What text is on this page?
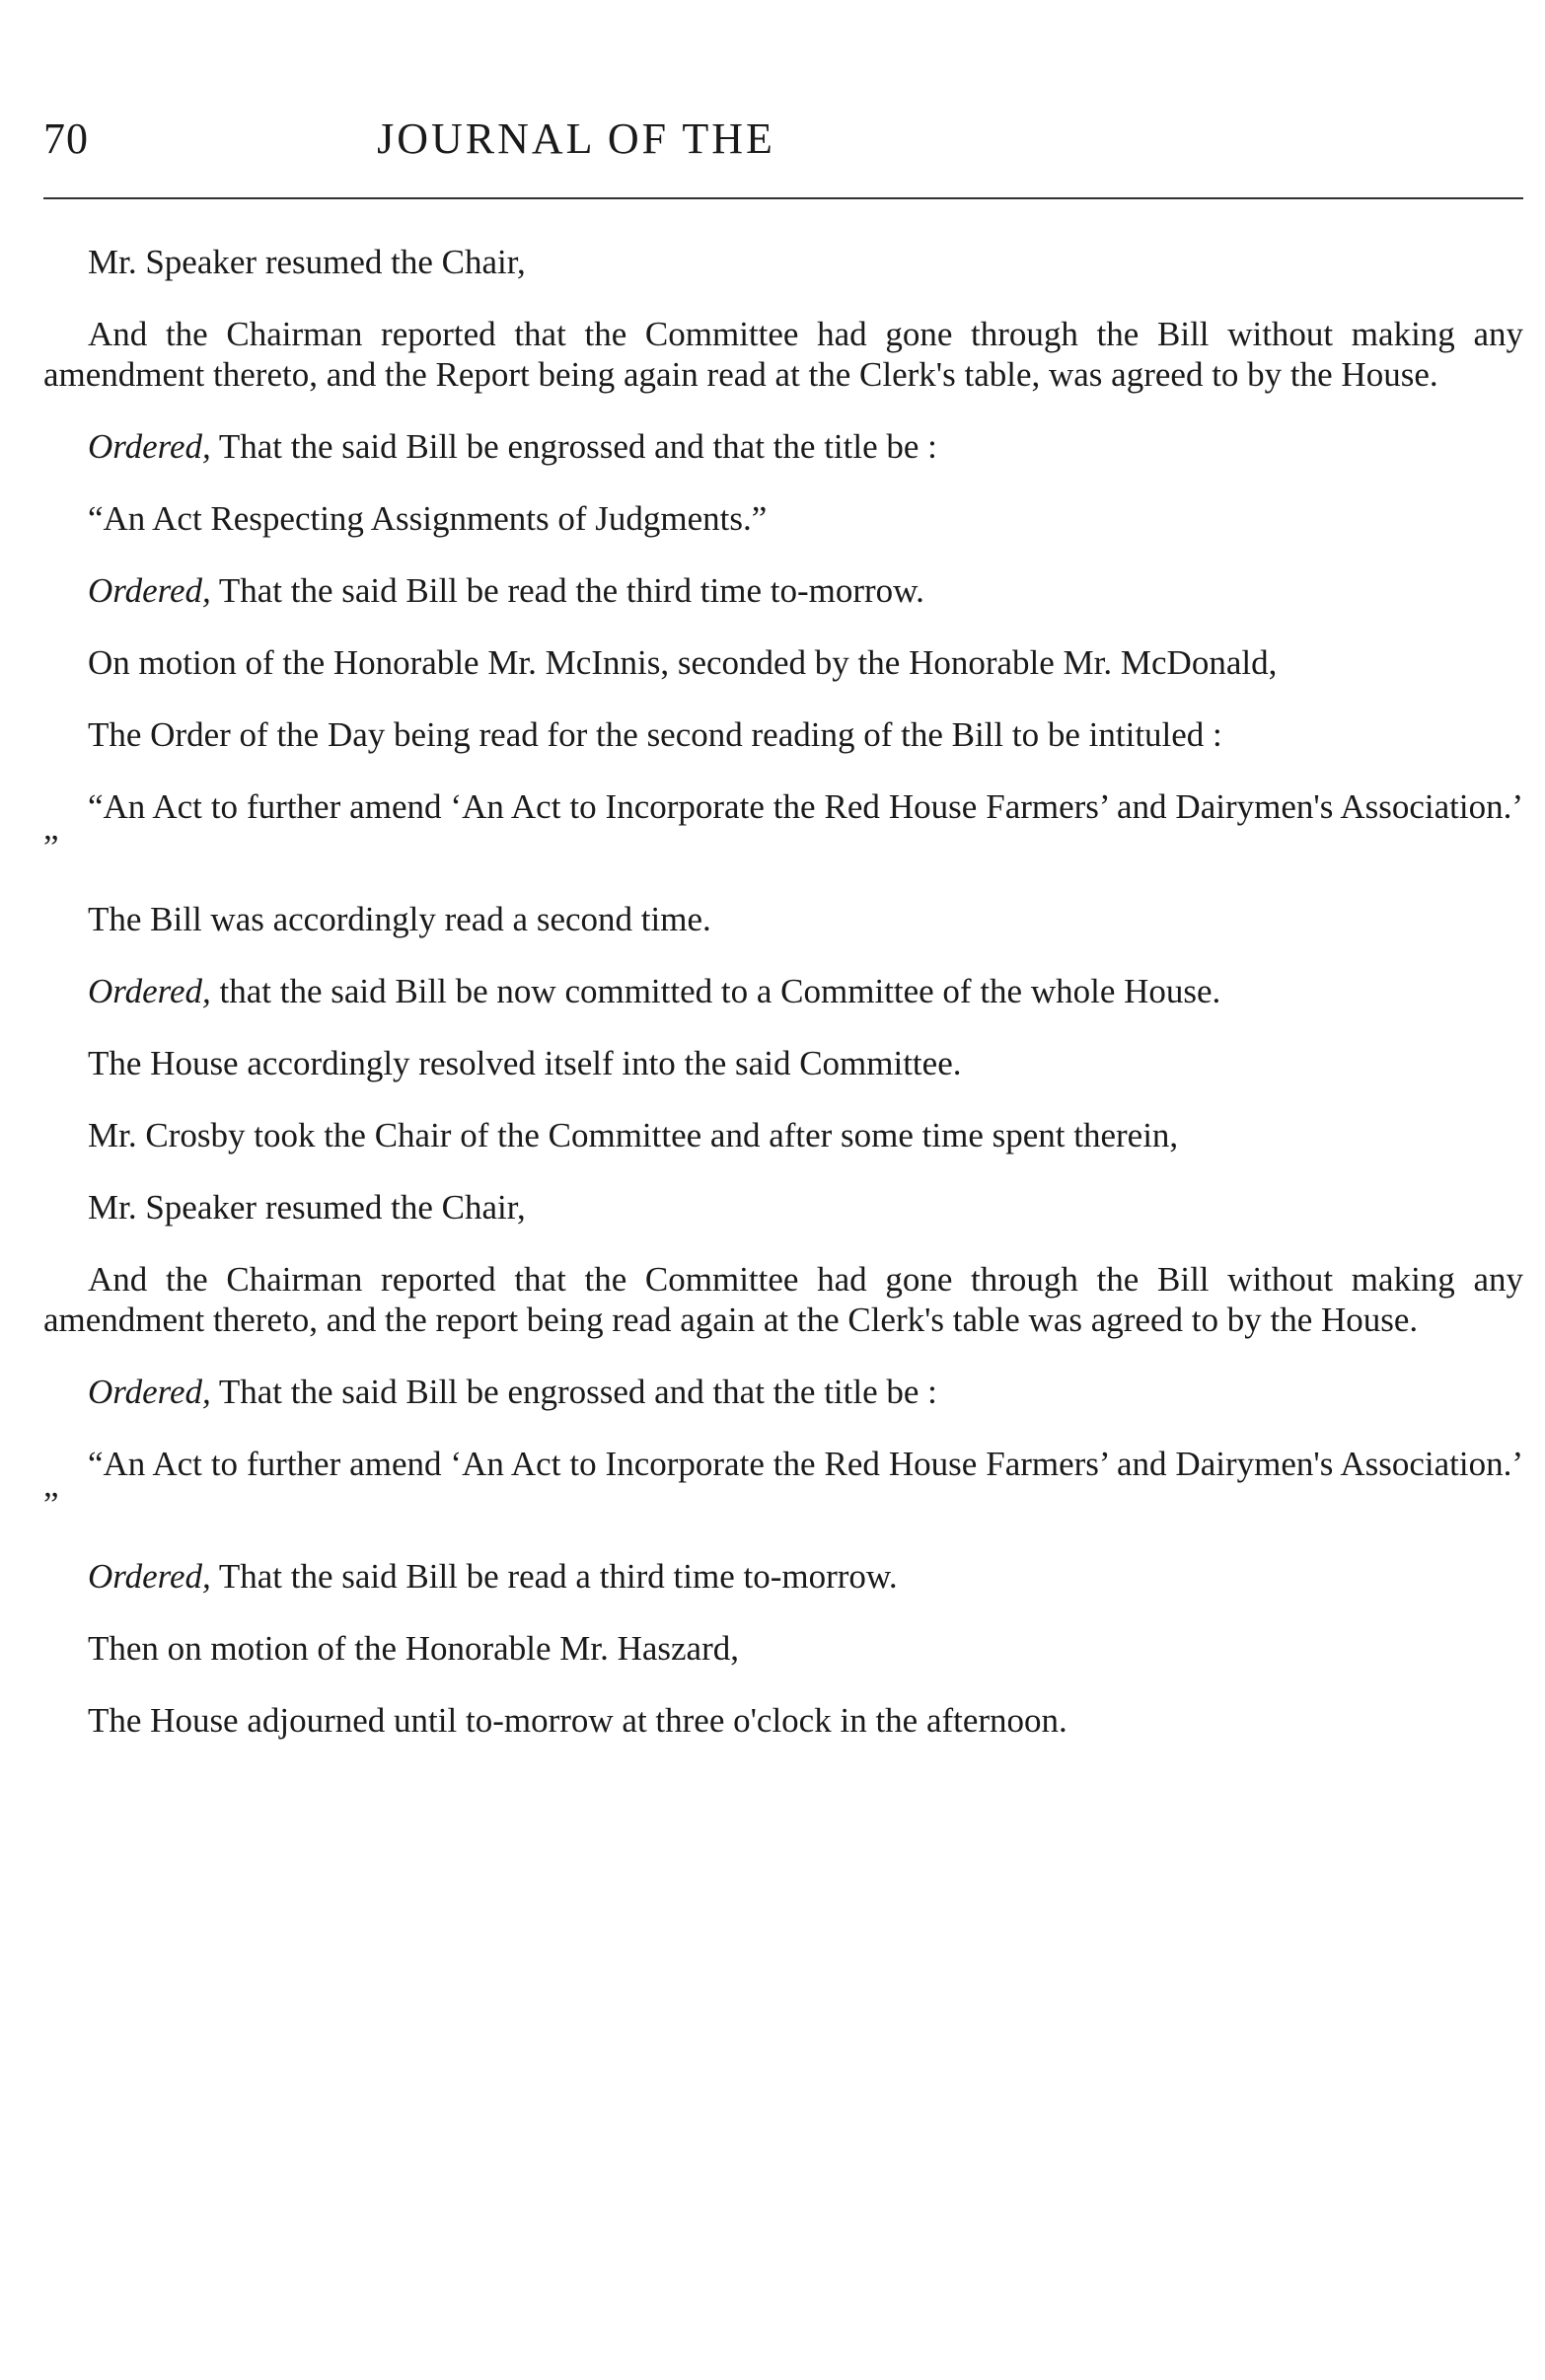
70	JOURNAL OF THE

Mr. Speaker resumed the Chair,

And the Chairman reported that the Committee had gone through the Bill without making any amendment thereto, and the Report being again read at the Clerk's table, was agreed to by the House.

Ordered, That the said Bill be engrossed and that the title be :

“An Act Respecting Assignments of Judgments.”

Ordered, That the said Bill be read the third time to-morrow.

On motion of the Honorable Mr. McInnis, seconded by the Honorable Mr. McDonald,

The Order of the Day being read for the second reading of the Bill to be intituled :

“An Act to further amend ‘An Act to Incorporate the Red House Farmers’ and Dairymen's Association.’ ”

The Bill was accordingly read a second time.

Ordered, that the said Bill be now committed to a Committee of the whole House.

The House accordingly resolved itself into the said Committee.

Mr. Crosby took the Chair of the Committee and after some time spent therein,

Mr. Speaker resumed the Chair,

And the Chairman reported that the Committee had gone through the Bill without making any amendment thereto, and the report being read again at the Clerk's table was agreed to by the House.

Ordered, That the said Bill be engrossed and that the title be :

“An Act to further amend ‘An Act to Incorporate the Red House Farmers’ and Dairymen's Association.’ ”

Ordered, That the said Bill be read a third time to-morrow.

Then on motion of the Honorable Mr. Haszard,

The House adjourned until to-morrow at three o'clock in the afternoon.
